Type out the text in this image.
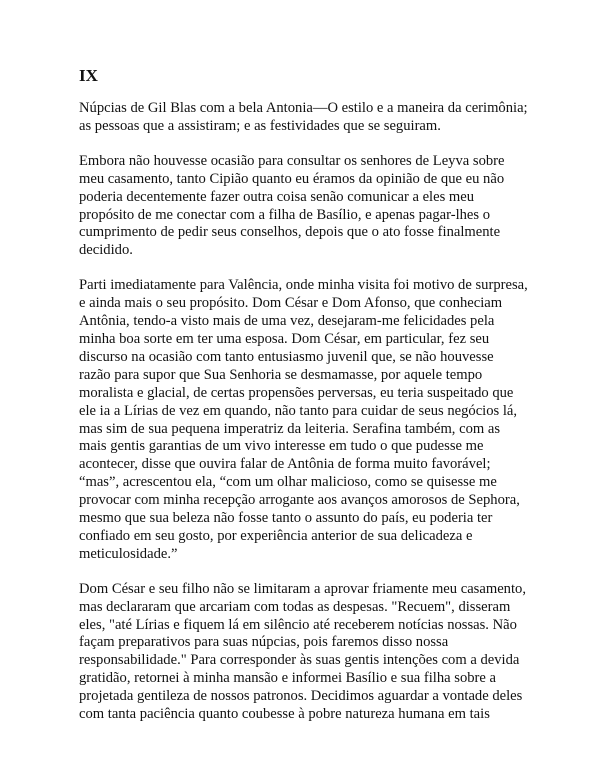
IX

Núpcias de Gil Blas com a bela Antonia—O estilo e a maneira da cerimônia; as pessoas que a assistiram; e as festividades que se seguiram.

Embora não houvesse ocasião para consultar os senhores de Leyva sobre meu casamento, tanto Cipião quanto eu éramos da opinião de que eu não poderia decentemente fazer outra coisa senão comunicar a eles meu propósito de me conectar com a filha de Basílio, e apenas pagar-lhes o cumprimento de pedir seus conselhos, depois que o ato fosse finalmente decidido.

Parti imediatamente para Valência, onde minha visita foi motivo de surpresa, e ainda mais o seu propósito. Dom César e Dom Afonso, que conheciam Antônia, tendo-a visto mais de uma vez, desejaram-me felicidades pela minha boa sorte em ter uma esposa. Dom César, em particular, fez seu discurso na ocasião com tanto entusiasmo juvenil que, se não houvesse razão para supor que Sua Senhoria se desmamasse, por aquele tempo moralista e glacial, de certas propensões perversas, eu teria suspeitado que ele ia a Lírias de vez em quando, não tanto para cuidar de seus negócios lá, mas sim de sua pequena imperatriz da leiteria. Serafina também, com as mais gentis garantias de um vivo interesse em tudo o que pudesse me acontecer, disse que ouvira falar de Antônia de forma muito favorável; “mas”, acrescentou ela, “com um olhar malicioso, como se quisesse me provocar com minha recepção arrogante aos avanços amorosos de Sephora, mesmo que sua beleza não fosse tanto o assunto do país, eu poderia ter confiado em seu gosto, por experiência anterior de sua delicadeza e meticulosidade.”

Dom César e seu filho não se limitaram a aprovar friamente meu casamento, mas declararam que arcariam com todas as despesas. "Recuem", disseram eles, "até Lírias e fiquem lá em silêncio até receberem notícias nossas. Não façam preparativos para suas núpcias, pois faremos disso nossa responsabilidade." Para corresponder às suas gentis intenções com a devida gratidão, retornei à minha mansão e informei Basílio e sua filha sobre a projetada gentileza de nossos patronos. Decidimos aguardar a vontade deles com tanta paciência quanto coubesse à pobre natureza humana em tais
